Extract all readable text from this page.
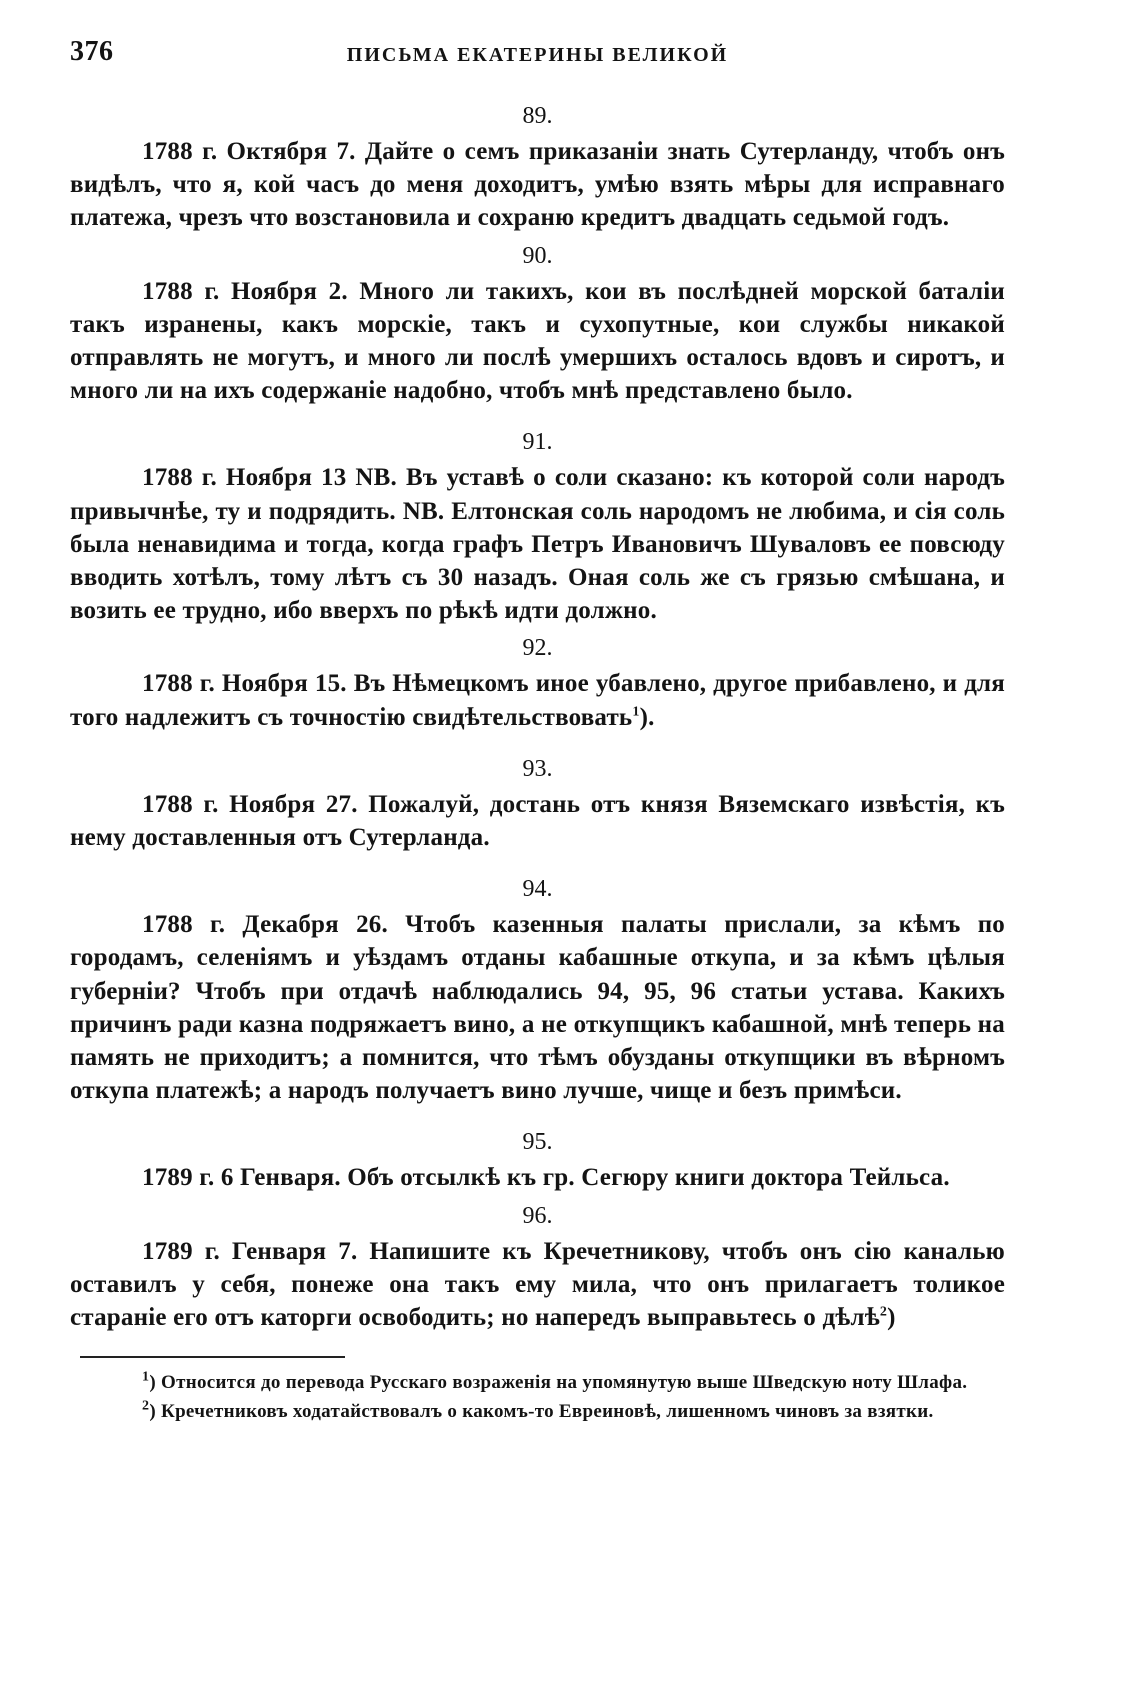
376	ПИСЬМА ЕКАТЕРИНЫ ВЕЛИКОЙ
89.

1788 г. Октября 7. Дайте о семъ приказаніи знать Сутерланду, чтобъ онъ видѣлъ, что я, кой часъ до меня доходитъ, умѣю взять мѣры для исправнаго платежа, чрезъ что возстановила и сохраню кредитъ двадцать седьмой годъ.

90.

1788 г. Ноября 2. Много ли такихъ, кои въ послѣдней морской баталіи такъ изранены, какъ морскіе, такъ и сухопутные, кои службы никакой отправлять не могутъ, и много ли послѣ умершихъ осталось вдовъ и сиротъ, и много ли на ихъ содержаніе надобно, чтобъ мнѣ представлено было.

91.

1788 г. Ноября 13 NB. Въ уставѣ о соли сказано: къ которой соли народъ привычнѣе, ту и подрядить. NB. Елтонская соль народомъ не любима, и сія соль была ненавидима и тогда, когда графъ Петръ Ивановичъ Шуваловъ ее повсюду вводить хотѣлъ, тому лѣтъ съ 30 назадъ. Оная соль же съ грязью смѣшана, и возить ее трудно, ибо вверхъ по рѣкѣ идти должно.

92.

1788 г. Ноября 15. Въ Нѣмецкомъ иное убавлено, другое прибавлено, и для того надлежитъ съ точностію свидѣтельствовать$^1$).

93.

1788 г. Ноября 27. Пожалуй, достань отъ князя Вяземскаго извѣстія, къ нему доставленныя отъ Сутерланда.

94.

1788 г. Декабря 26. Чтобъ казенныя палаты прислали, за кѣмъ по городамъ, селеніямъ и уѣздамъ отданы кабашные откупа, и за кѣмъ цѣлыя губерніи? Чтобъ при отдачѣ наблюдались 94, 95, 96 статьи устава. Какихъ причинъ ради казна подряжаетъ вино, а не откупщикъ кабашной, мнѣ теперь на память не приходитъ; а помнится, что тѣмъ обузданы откупщики въ вѣрномъ откупа платежѣ; а народъ получаетъ вино лучше, чище и безъ примѣси.

95.

1789 г. 6 Генваря. Объ отсылкѣ къ гр. Сегюру книги доктора Тейльса.

96.

1789 г. Генваря 7. Напишите къ Кречетникову, чтобъ онъ сію каналью оставилъ у себя, понеже она такъ ему мила, что онъ прилагаетъ толикое стараніе его отъ каторги освободить; но напередъ выправьтесь о дѣлѣ$^2$)

$^1$) Относится до перевода Русскаго возраженія на упомянутую выше Шведскую ноту Шлафа.

$^2$) Кречетниковъ ходатайствовалъ о какомъ-то Евреиновѣ, лишенномъ чиновъ за взятки.
